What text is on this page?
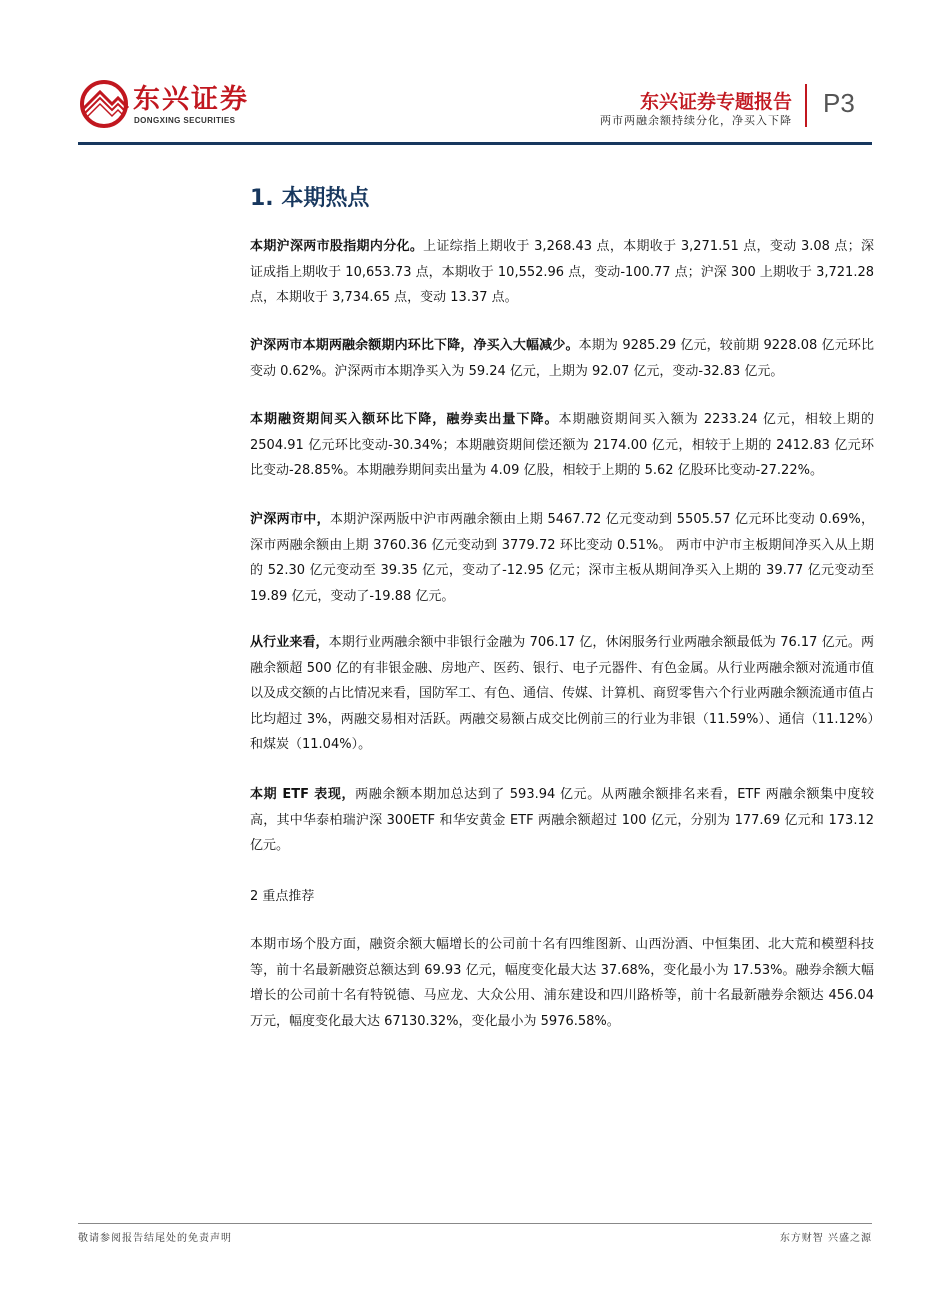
东兴证券
DONGXING SECURITIES
东兴证券专题报告
两市两融余额持续分化，净买入下降
P3
1. 本期热点
本期沪深两市股指期内分化。上证综指上期收于 3,268.43 点，本期收于 3,271.51 点，变动 3.08 点；深证成指上期收于 10,653.73 点，本期收于 10,552.96 点，变动-100.77 点；沪深 300 上期收于 3,721.28 点，本期收于 3,734.65 点，变动 13.37 点。
沪深两市本期两融余额期内环比下降，净买入大幅减少。本期为 9285.29 亿元，较前期 9228.08 亿元环比变动 0.62%。沪深两市本期净买入为 59.24 亿元，上期为 92.07 亿元，变动-32.83 亿元。
本期融资期间买入额环比下降，融券卖出量下降。本期融资期间买入额为 2233.24 亿元，相较上期的 2504.91 亿元环比变动-30.34%；本期融资期间偿还额为 2174.00 亿元，相较于上期的 2412.83 亿元环比变动-28.85%。本期融券期间卖出量为 4.09 亿股，相较于上期的 5.62 亿股环比变动-27.22%。
沪深两市中，本期沪深两版中沪市两融余额由上期 5467.72 亿元变动到 5505.57 亿元环比变动 0.69%，深市两融余额由上期 3760.36 亿元变动到 3779.72 环比变动 0.51%。 两市中沪市主板期间净买入从上期的 52.30 亿元变动至 39.35 亿元，变动了-12.95 亿元；深市主板从期间净买入上期的 39.77 亿元变动至 19.89 亿元，变动了-19.88 亿元。
从行业来看，本期行业两融余额中非银行金融为 706.17 亿，休闲服务行业两融余额最低为 76.17 亿元。两融余额超 500 亿的有非银金融、房地产、医药、银行、电子元器件、有色金属。从行业两融余额对流通市值以及成交额的占比情况来看，国防军工、有色、通信、传媒、计算机、商贸零售六个行业两融余额流通市值占比均超过 3%，两融交易相对活跃。两融交易额占成交比例前三的行业为非银（11.59%）、通信（11.12%）和煤炭（11.04%）。
本期 ETF 表现，两融余额本期加总达到了 593.94 亿元。从两融余额排名来看，ETF 两融余额集中度较高，其中华泰柏瑞沪深 300ETF 和华安黄金 ETF 两融余额超过 100 亿元，分别为 177.69 亿元和 173.12 亿元。
2 重点推荐
本期市场个股方面，融资余额大幅增长的公司前十名有四维图新、山西汾酒、中恒集团、北大荒和模塑科技等，前十名最新融资总额达到 69.93 亿元，幅度变化最大达 37.68%，变化最小为 17.53%。融券余额大幅增长的公司前十名有特锐德、马应龙、大众公用、浦东建设和四川路桥等，前十名最新融券余额达 456.04 万元，幅度变化最大达 67130.32%，变化最小为 5976.58%。
敬请参阅报告结尾处的免责声明	东方财智 兴盛之源
